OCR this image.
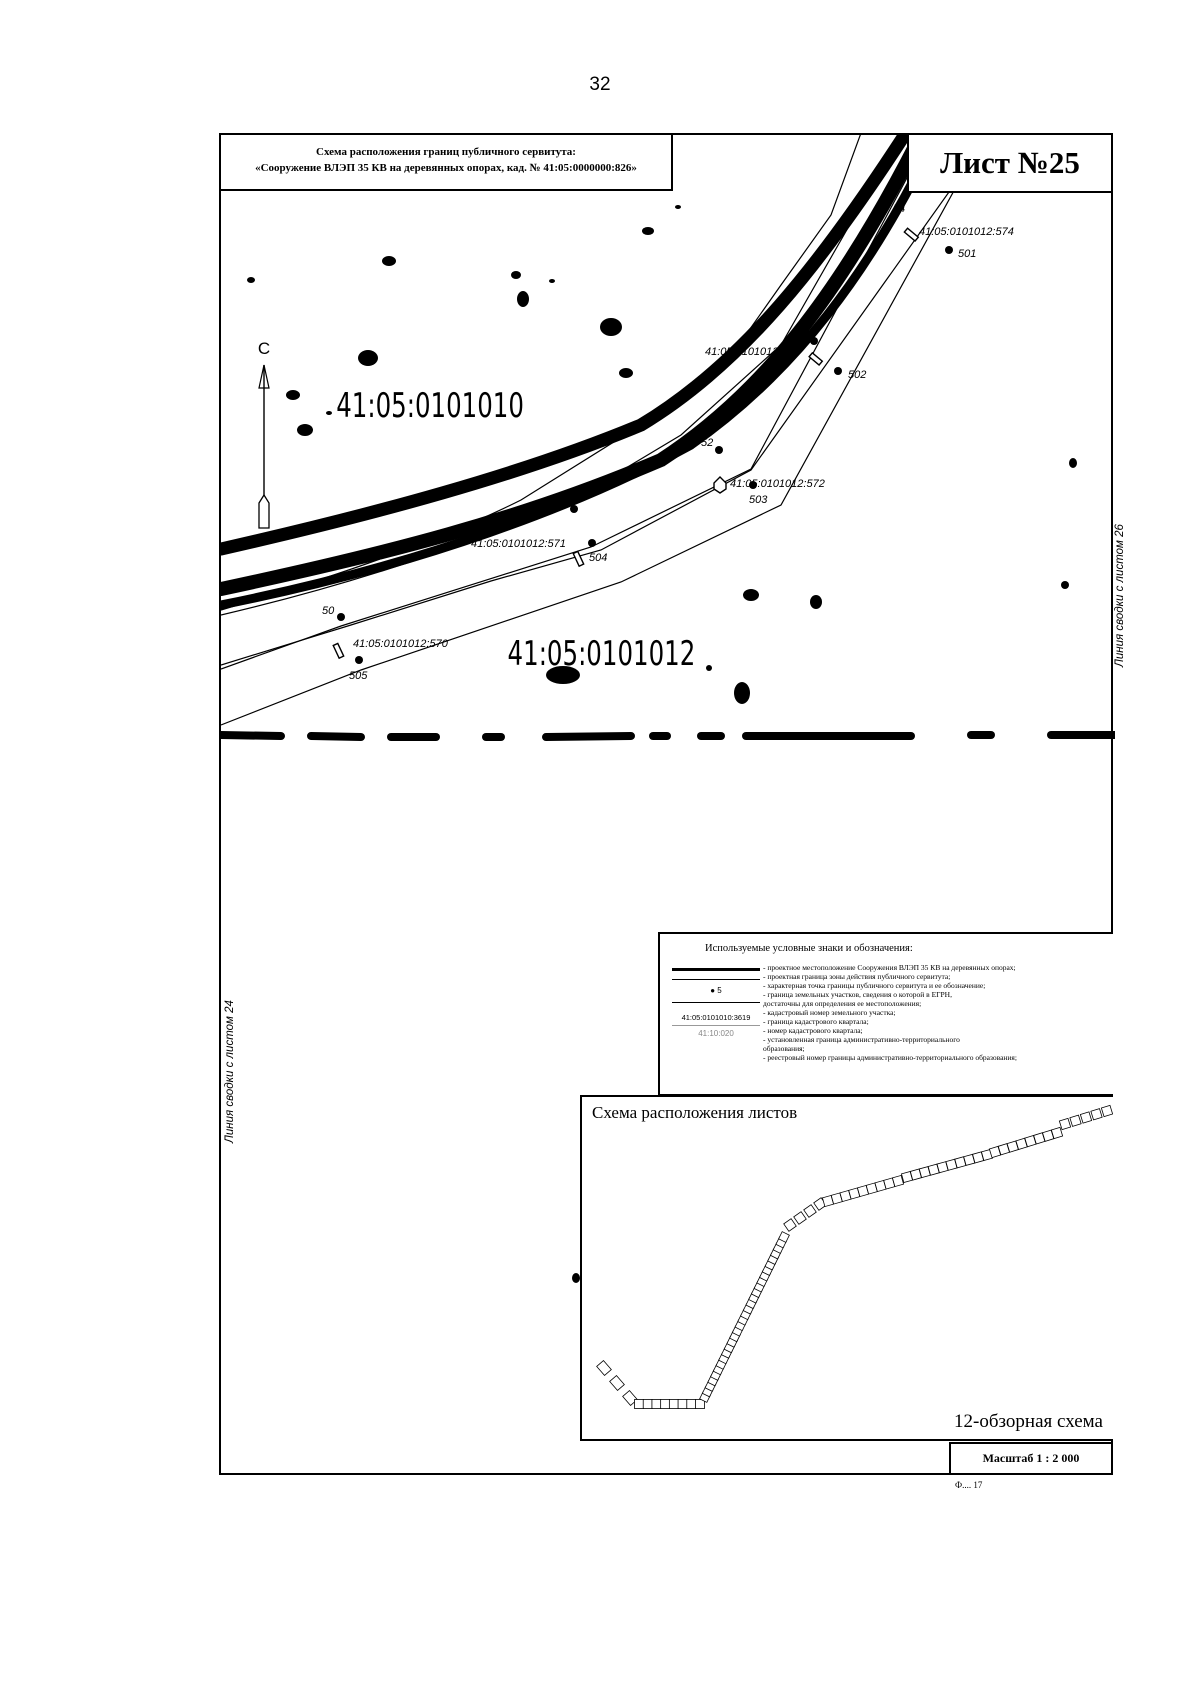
32
С
54
501
53
502
52
503
51
504
50
505
41:05:0101012:574
41:05:0101012:573
41:05:0101012:572
41:05:0101012:571
41:05:0101012:570
41:05:0101010
41:05:0101012
Схема расположения границ публичного сервитута:
«Сооружение ВЛЭП 35 КВ на деревянных опорах, кад. № 41:05:0000000:826»	Лист №25
Линия сводки с листом 26
Линия сводки с листом 24
Используемые условные знаки и обозначения:
● 5
41:05:0101010:3619
41:10:020
- проектное местоположение Сооружения ВЛЭП 35 КВ на деревянных опорах;
- проектная граница зоны действия публичного сервитута;
- характерная точка границы публичного сервитута и ее обозначение;
- граница земельных участков, сведения о которой в ЕГРН,
достаточны для определения ее местоположения;
- кадастровый номер земельного участка;
- граница кадастрового квартала;
- номер кадастрового квартала;
- установленная граница административно-территориального
образования;
- реестровый номер границы административно-территориального образования;
Схема расположения листов
12-обзорная схема
Масштаб 1 : 2 000
Ф.... 17
